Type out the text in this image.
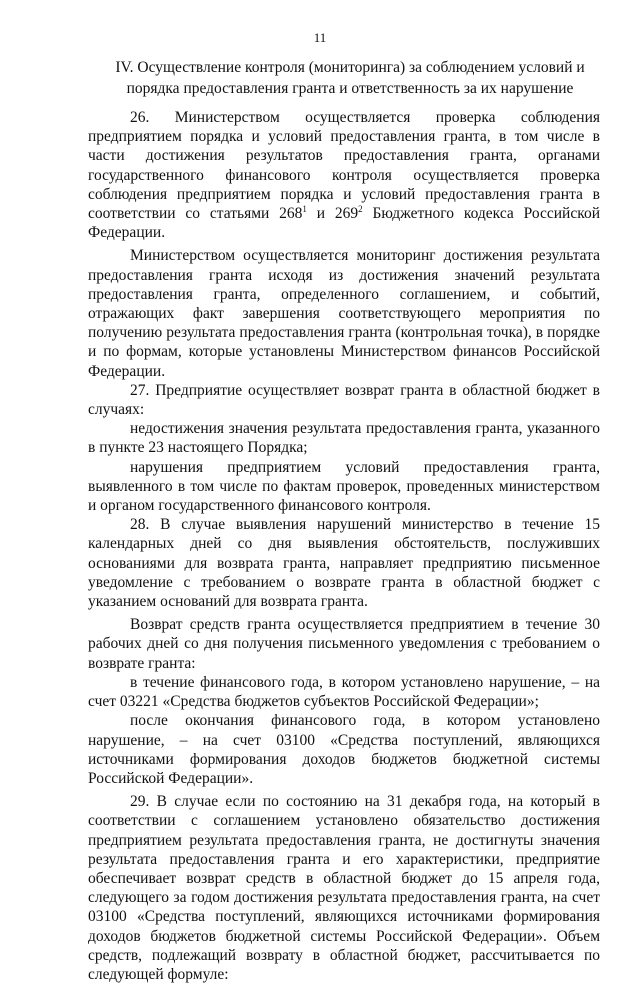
11
IV. Осуществление контроля (мониторинга) за соблюдением условий и порядка предоставления гранта и ответственность за их нарушение

26. Министерством осуществляется проверка соблюдения предприятием порядка и условий предоставления гранта, в том числе в части достижения результатов предоставления гранта, органами государственного финансового контроля осуществляется проверка соблюдения предприятием порядка и условий предоставления гранта в соответствии со статьями $268^1$ и $269^2$ Бюджетного кодекса Российской Федерации.

Министерством осуществляется мониторинг достижения результата предоставления гранта исходя из достижения значений результата предоставления гранта, определенного соглашением, и событий, отражающих факт завершения соответствующего мероприятия по получению результата предоставления гранта (контрольная точка), в порядке и по формам, которые установлены Министерством финансов Российской Федерации.

27. Предприятие осуществляет возврат гранта в областной бюджет в случаях:

недостижения значения результата предоставления гранта, указанного в пункте 23 настоящего Порядка;

нарушения предприятием условий предоставления гранта, выявленного в том числе по фактам проверок, проведенных министерством и органом государственного финансового контроля.

28. В случае выявления нарушений министерство в течение 15 календарных дней со дня выявления обстоятельств, послуживших основаниями для возврата гранта, направляет предприятию письменное уведомление с требованием о возврате гранта в областной бюджет с указанием оснований для возврата гранта.

Возврат средств гранта осуществляется предприятием в течение 30 рабочих дней со дня получения письменного уведомления с требованием о возврате гранта:

в течение финансового года, в котором установлено нарушение, – на счет 03221 «Средства бюджетов субъектов Российской Федерации»;

после окончания финансового года, в котором установлено нарушение, – на счет 03100 «Средства поступлений, являющихся источниками формирования доходов бюджетов бюджетной системы Российской Федерации».

29. В случае если по состоянию на 31 декабря года, на который в соответствии с соглашением установлено обязательство достижения предприятием результата предоставления гранта, не достигнуты значения результата предоставления гранта и его характеристики, предприятие обеспечивает возврат средств в областной бюджет до 15 апреля года, следующего за годом достижения результата предоставления гранта, на счет 03100 «Средства поступлений, являющихся источниками формирования доходов бюджетов бюджетной системы Российской Федерации». Объем средств, подлежащий возврату в областной бюджет, рассчитывается по следующей формуле:
